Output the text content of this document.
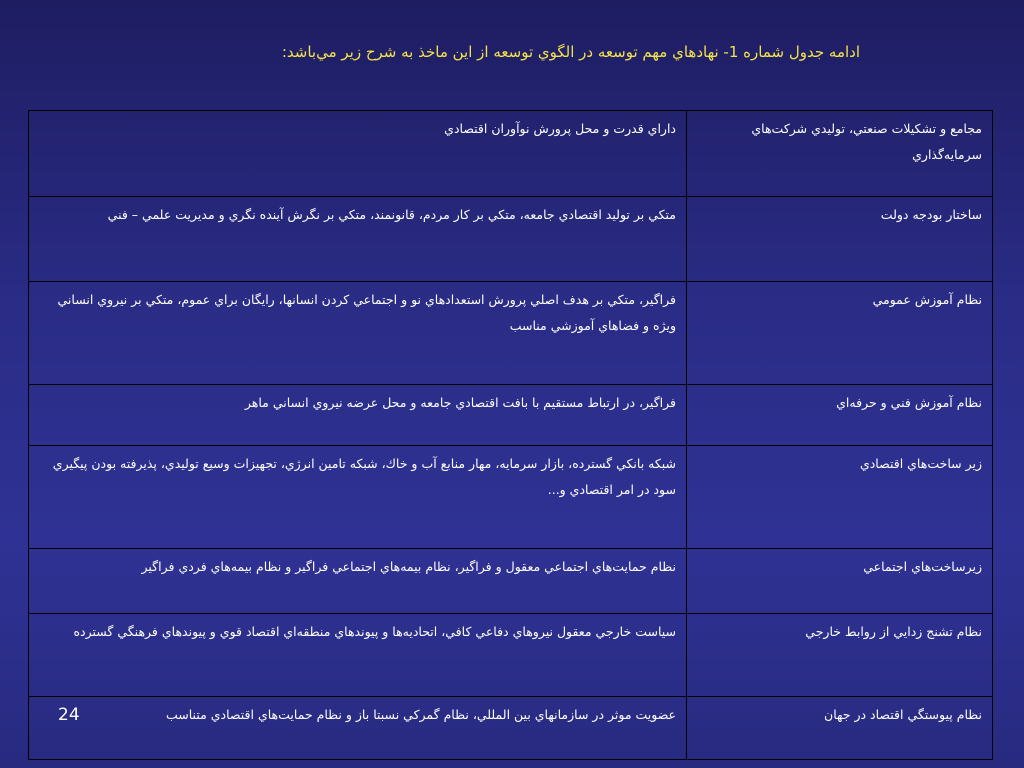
ادامه جدول شماره 1- نهادهاي مهم توسعه در الگوي توسعه از اين ماخذ به شرح زير مي‌باشد:
مجامع و تشكيلات صنعتي، توليدي شركت‌هاي سرمايه‌گذاري	داراي قدرت و محل پرورش نوآوران اقتصادي
ساختار بودجه دولت	متكي بر توليد اقتصادي جامعه، متكي بر كار مردم، قانونمند، متكي بر نگرش آينده نگري و مديريت علمي – فني
نظام آموزش عمومي	فراگير، متكي بر هدف اصلي پرورش استعدادهاي نو و اجتماعي كردن انسانها، رايگان براي عموم، متكي بر نيروي انساني ويژه و فضاهاي آموزشي مناسب
نظام آموزش فني و حرفه‌اي	فراگير، در ارتباط مستقيم با بافت اقتصادي جامعه و محل عرضه نيروي انساني ماهر
زير ساخت‌هاي اقتصادي	شبكه بانكي گسترده، بازار سرمايه، مهار منابع آب و خاك، شبكه تامين انرژي، تجهيزات وسيع توليدي، پذيرفته بودن پيگيري سود در امر اقتصادي و...
زيرساخت‌هاي اجتماعي	نظام حمايت‌هاي اجتماعي معقول و فراگير، نظام بيمه‌هاي اجتماعي فراگير و نظام بيمه‌هاي فردي فراگير
نظام تشنج زدايي از روابط خارجي	سياست خارجي معقول نيروهاي دفاعي كافي، اتحاديه‌ها و پيوندهاي منطقه‌اي اقتصاد قوي و پيوندهاي فرهنگي گسترده
نظام پيوستگي اقتصاد در جهان	عضويت موثر در سازمانهاي بين المللي، نظام گمركي نسبتا باز و نظام حمايت‌هاي اقتصادي متناسب
24
